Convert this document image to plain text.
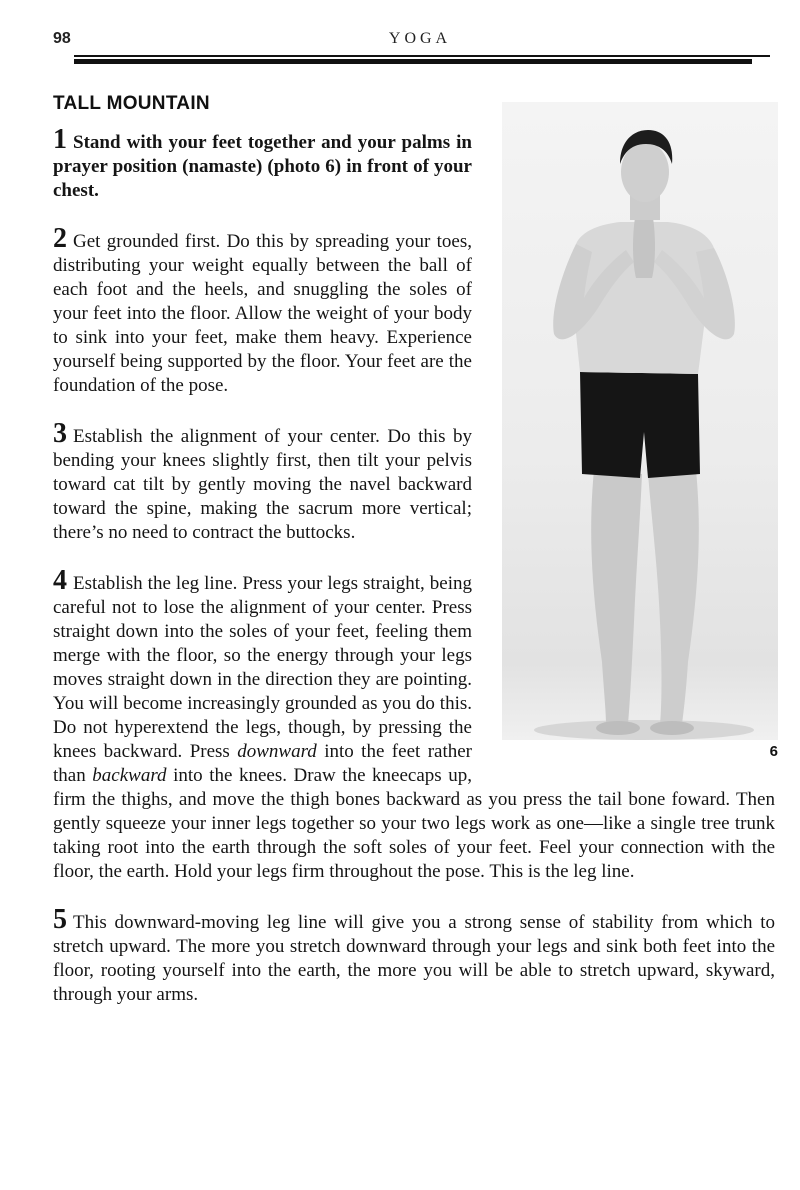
98	YOGA
TALL MOUNTAIN
6

1 Stand with your feet together and your palms in prayer position (namaste) (photo 6) in front of your chest.

2 Get grounded first. Do this by spreading your toes, distributing your weight equally between the ball of each foot and the heels, and snuggling the soles of your feet into the floor. Allow the weight of your body to sink into your feet, make them heavy. Experience yourself being supported by the floor. Your feet are the foundation of the pose.

3 Establish the alignment of your center. Do this by bending your knees slightly first, then tilt your pelvis toward cat tilt by gently moving the navel backward toward the spine, making the sacrum more vertical; there’s no need to contract the buttocks.

4 Establish the leg line. Press your legs straight, being careful not to lose the alignment of your center. Press straight down into the soles of your feet, feeling them merge with the floor, so the energy through your legs moves straight down in the direction they are pointing. You will become increasingly grounded as you do this. Do not hyperextend the legs, though, by pressing the knees backward. Press downward into the feet rather than backward into the knees. Draw the kneecaps up, firm the thighs, and move the thigh bones backward as you press the tail bone foward. Then gently squeeze your inner legs together so your two legs work as one—like a single tree trunk taking root into the earth through the soft soles of your feet. Feel your connection with the floor, the earth. Hold your legs firm throughout the pose. This is the leg line.

5 This downward-moving leg line will give you a strong sense of stability from which to stretch upward. The more you stretch downward through your legs and sink both feet into the floor, rooting yourself into the earth, the more you will be able to stretch upward, skyward, through your arms.
